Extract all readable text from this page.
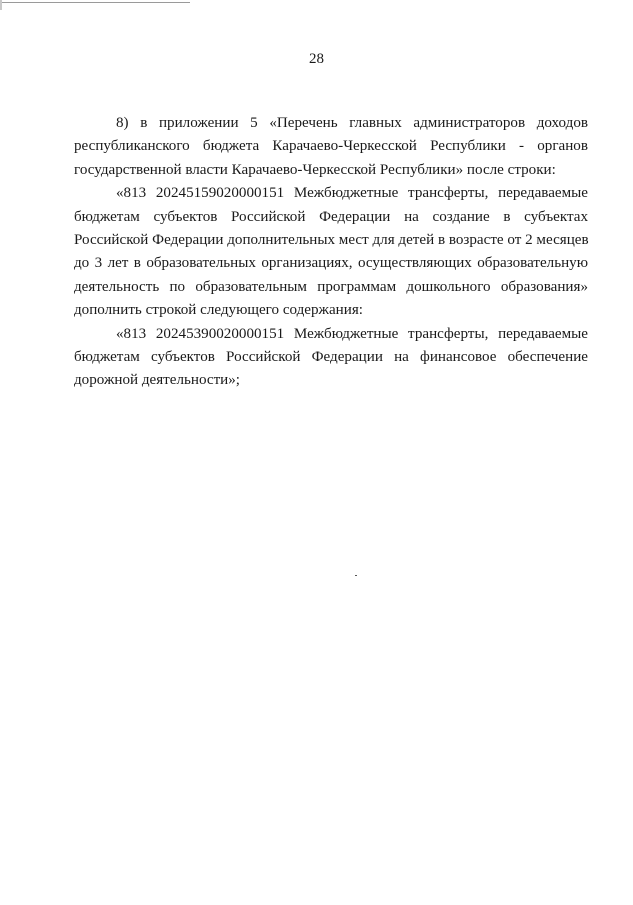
28

8) в приложении 5 «Перечень главных администраторов доходов
республиканского бюджета Карачаево-Черкесской Республики - органов
государственной власти Карачаево-Черкесской Республики» после строки:

«813 20245159020000151 Межбюджетные трансферты, передаваемые
бюджетам субъектов Российской Федерации на создание в субъектах
Российской Федерации дополнительных мест для детей в возрасте от 2 месяцев
до 3 лет в образовательных организациях, осуществляющих образовательную
деятельность по образовательным программам дошкольного образования»
дополнить строкой следующего содержания:

«813 20245390020000151 Межбюджетные трансферты, передаваемые
бюджетам субъектов Российской Федерации на финансовое обеспечение
дорожной деятельности»;
